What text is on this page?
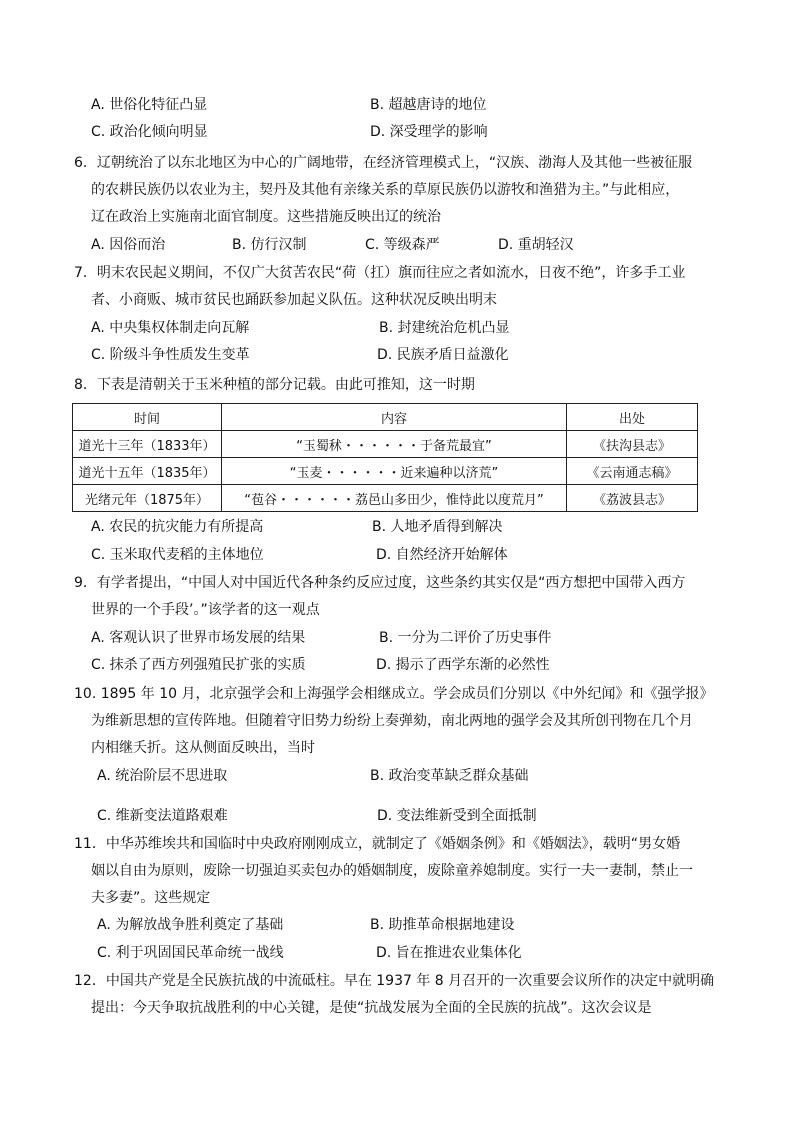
A. 世俗化特征凸显	B. 超越唐诗的地位
C. 政治化倾向明显	D. 深受理学的影响
6．辽朝统治了以东北地区为中心的广阔地带，在经济管理模式上，“汉族、渤海人及其他一些被征服
的农耕民族仍以农业为主，契丹及其他有亲缘关系的草原民族仍以游牧和渔猎为主。”与此相应，
辽在政治上实施南北面官制度。这些措施反映出辽的统治
A. 因俗而治	B. 仿行汉制	C. 等级森严	D. 重胡轻汉
7．明末农民起义期间，不仅广大贫苦农民“荷（扛）旗而往应之者如流水，日夜不绝”，许多手工业
者、小商贩、城市贫民也踊跃参加起义队伍。这种状况反映出明末
A. 中央集权体制走向瓦解	B. 封建统治危机凸显
C. 阶级斗争性质发生变革	D. 民族矛盾日益激化
8．下表是清朝关于玉米种植的部分记载。由此可推知，这一时期
时间	内容	出处
道光十三年（1833年）	“玉蜀秫・・・・・・于备荒最宜”	《扶沟县志》
道光十五年（1835年）	“玉麦・・・・・・近来遍种以济荒”	《云南通志稿》
光绪元年（1875年）	“苞谷・・・・・・荔邑山多田少，惟恃此以度荒月”	《荔波县志》
A. 农民的抗灾能力有所提高	B. 人地矛盾得到解决
C. 玉米取代麦稻的主体地位	D. 自然经济开始解体
9．有学者提出，“中国人对中国近代各种条约反应过度，这些条约其实仅是“西方想把中国带入西方
世界的一个手段’。”该学者的这一观点
A. 客观认识了世界市场发展的结果	B. 一分为二评价了历史事件
C. 抹杀了西方列强殖民扩张的实质	D. 揭示了西学东渐的必然性
10. 1895 年 10 月，北京强学会和上海强学会相继成立。学会成员们分别以《中外纪闻》和《强学报》
为维新思想的宣传阵地。但随着守旧势力纷纷上奏弹劾，南北两地的强学会及其所创刊物在几个月
内相继夭折。这从侧面反映出，当时
A. 统治阶层不思进取	B. 政治变革缺乏群众基础
C. 维新变法道路艰难	D. 变法维新受到全面抵制
11．中华苏维埃共和国临时中央政府刚刚成立，就制定了《婚姻条例》和《婚姻法》，载明“男女婚
姻以自由为原则，废除一切强迫买卖包办的婚姻制度，废除童养媳制度。实行一夫一妻制，禁止一
夫多妻”。这些规定
A. 为解放战争胜利奠定了基础	B. 助推革命根据地建设
C. 利于巩固国民革命统一战线	D. 旨在推进农业集体化
12．中国共产党是全民族抗战的中流砥柱。早在 1937 年 8 月召开的一次重要会议所作的决定中就明确
提出：今天争取抗战胜利的中心关键，是使“抗战发展为全面的全民族的抗战”。这次会议是
